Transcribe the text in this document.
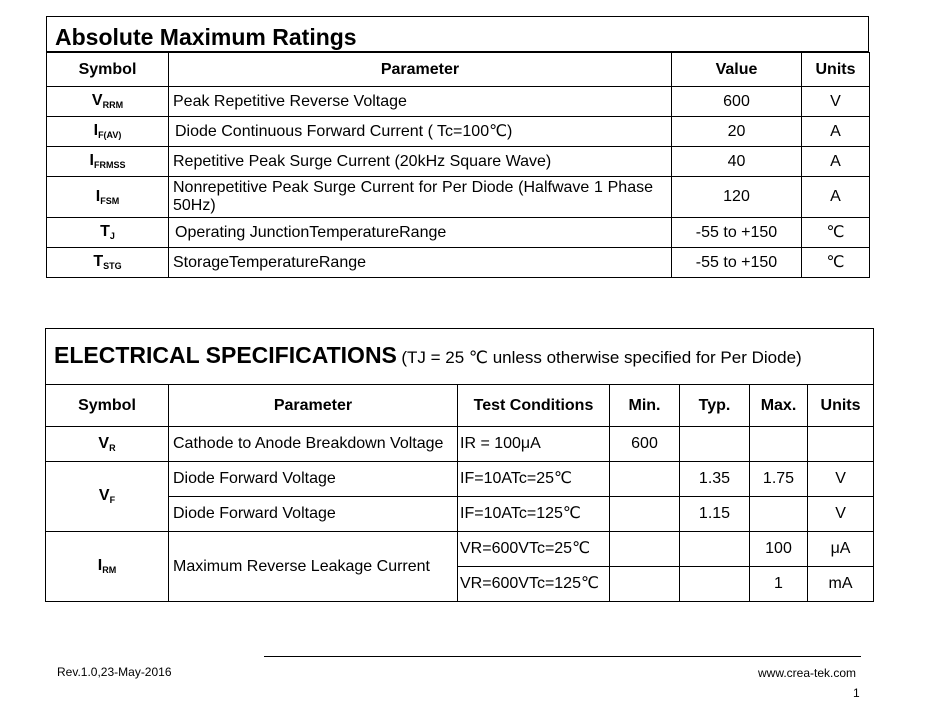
Absolute Maximum Ratings
Symbol	Parameter	Value	Units
$V_{RRM}$	Peak Repetitive Reverse Voltage	600	V
$I_{F(AV)}$	Diode Continuous Forward Current ( Tc=100℃)	20	A
$I_{FRMSS}$	Repetitive Peak Surge Current (20kHz Square Wave)	40	A
$I_{FSM}$	Nonrepetitive Peak Surge Current for Per Diode (Halfwave 1 Phase 50Hz)	120	A
$T_J$	Operating JunctionTemperatureRange	-55 to +150	℃
$T_{STG}$	StorageTemperatureRange	-55 to +150	℃
ELECTRICAL SPECIFICATIONS (TJ = 25 ℃ unless otherwise specified for Per Diode)						
Symbol	Parameter	Test Conditions	Min.	Typ.	Max.	Units
$V_R$	Cathode to Anode Breakdown Voltage	IR = 100μA	600			
$V_F$	Diode Forward Voltage	IF=10ATc=25℃		1.35	1.75	V
	Diode Forward Voltage	IF=10ATc=125℃		1.15		V
$I_{RM}$	Maximum Reverse Leakage Current	VR=600VTc=25℃			100	μA
		VR=600VTc=125℃			1	mA
Rev.1.0,23-May-2016	www.crea-tek.com
1
